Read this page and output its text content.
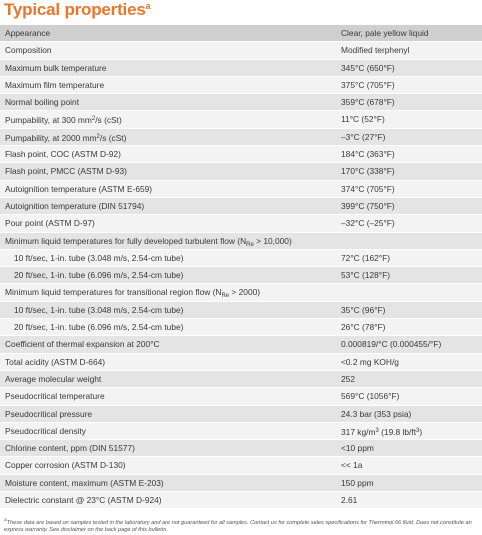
Typical properties$^a$
Appearance	Clear, pale yellow liquid
Composition	Modified terphenyl
Maximum bulk temperature	345°C (650°F)
Maximum film temperature	375°C (705°F)
Normal boiling point	359°C (678°F)
Pumpability, at 300 $mm^2/s$ (cSt)	11°C (52°F)
Pumpability, at 2000 $mm^2/s$ (cSt)	–3°C (27°F)
Flash point, COC (ASTM D-92)	184°C (363°F)
Flash point, PMCC (ASTM D-93)	170°C (338°F)
Autoignition temperature (ASTM E-659)	374°C (705°F)
Autoignition temperature (DIN 51794)	399°C (750°F)
Pour point (ASTM D-97)	–32°C (–25°F)
Minimum liquid temperatures for fully developed turbulent flow $(N_{Re} > 10,000)$
10 ft/sec, 1-in. tube (3.048 m/s, 2.54-cm tube)	72°C (162°F)
20 ft/sec, 1-in. tube (6.096 m/s, 2.54-cm tube)	53°C (128°F)
Minimum liquid temperatures for transitional region flow $(N_{Re} > 2000)$
10 ft/sec, 1-in. tube (3.048 m/s, 2.54-cm tube)	35°C (96°F)
20 ft/sec, 1-in. tube (6.096 m/s, 2.54-cm tube)	26°C (78°F)
Coefficient of thermal expansion at 200°C	0.000819/°C (0.000455/°F)
Total acidity (ASTM D-664)	<0.2 mg KOH/g
Average molecular weight	252
Pseudocritical temperature	569°C (1056°F)
Pseudocritical pressure	24.3 bar (353 psia)
Pseudocritical density	317 $kg/m^3$ (19.8 $lb/ft^3$)
Chlorine content, ppm (DIN 51577)	<10 ppm
Copper corrosion (ASTM D-130)	<< 1a
Moisture content, maximum (ASTM E-203)	150 ppm
Dielectric constant @ 23°C (ASTM D-924)	2.61
$^a$These data are based on samples tested in the laboratory and are not guaranteed for all samples. Contact us for complete sales specifications for Therminol 66 fluid. Does not constitute an express warranty. See disclaimer on the back page of this bulletin.
